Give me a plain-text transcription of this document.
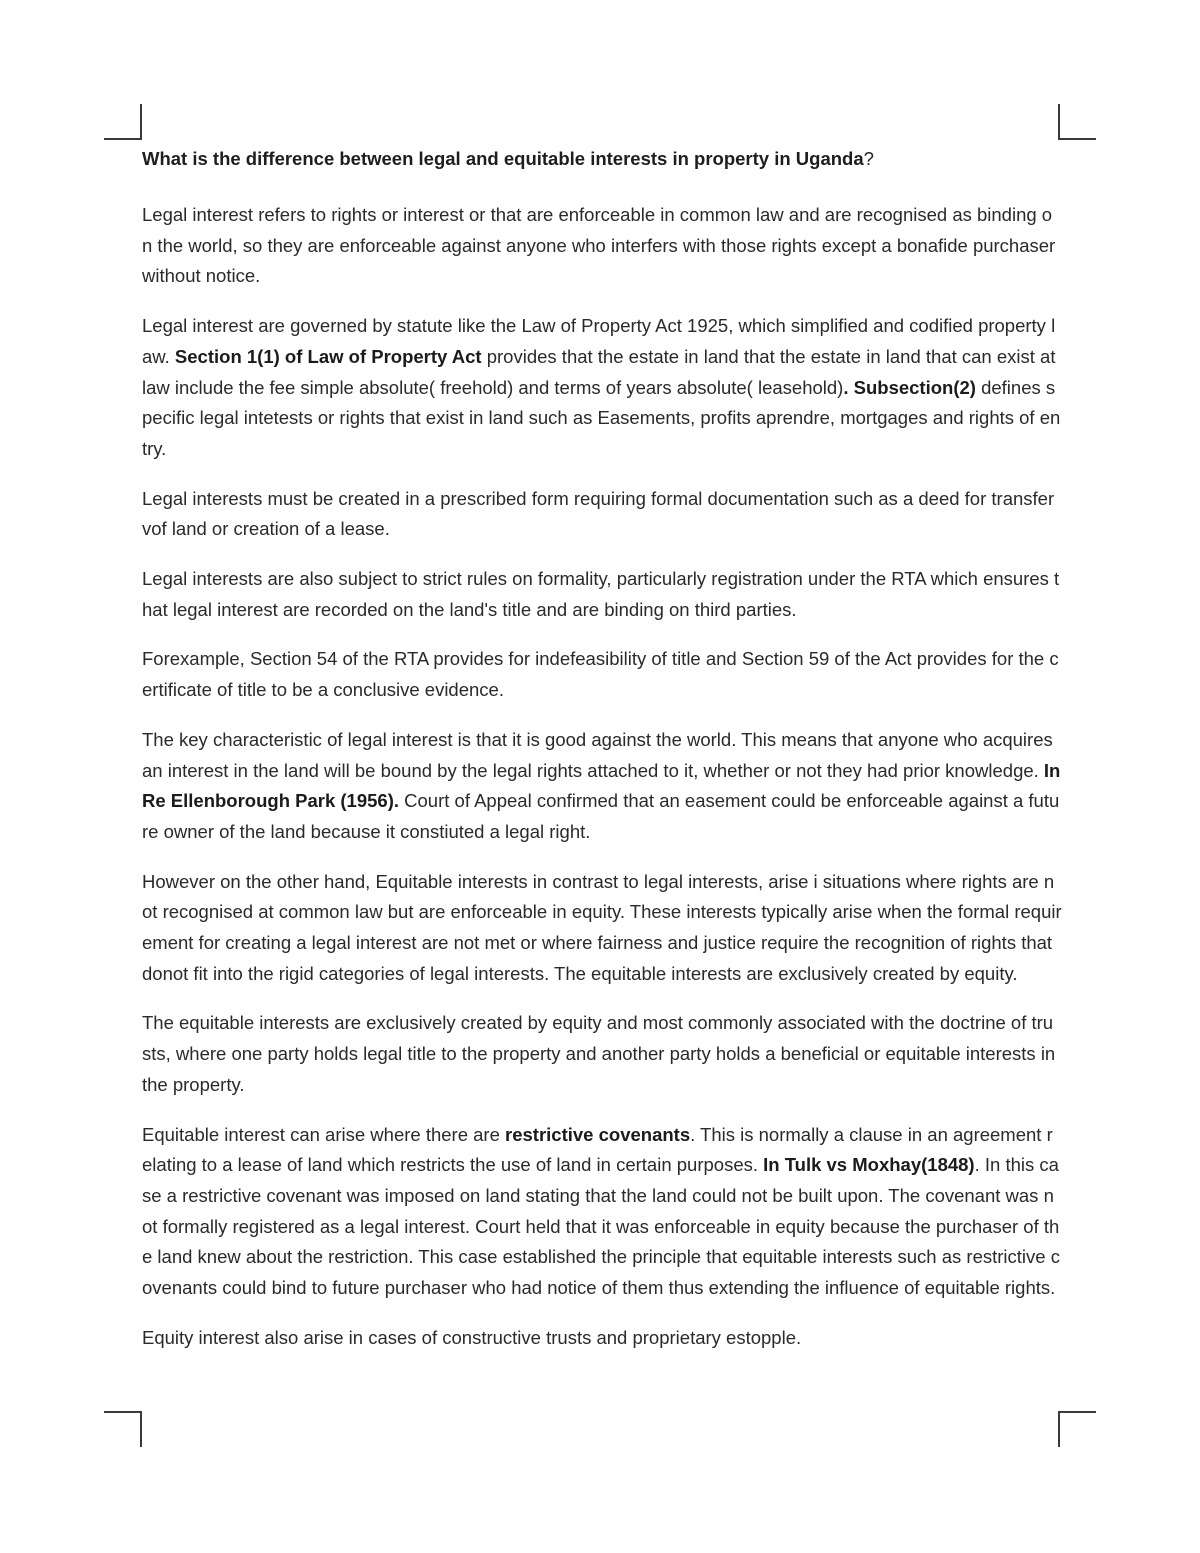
What is the difference between legal and equitable interests in property in Uganda?

Legal interest refers to rights or interest or that are enforceable in common law and are recognised as binding on the world, so they are enforceable against anyone who interfers with those rights except a bonafide purchaser without notice.

Legal interest are governed by statute like the Law of Property Act 1925, which simplified and codified property law. Section 1(1) of Law of Property Act provides that the estate in land that the estate in land that can exist at law include the fee simple absolute( freehold) and terms of years absolute( leasehold). Subsection(2) defines specific legal intetests or rights that exist in land such as Easements, profits aprendre, mortgages and rights of entry.

Legal interests must be created in a prescribed form requiring formal documentation such as a deed for transfervof land or creation of a lease.

Legal interests are also subject to strict rules on formality, particularly registration under the RTA which ensures that legal interest are recorded on the land's title and are binding on third parties.

Forexample, Section 54 of the RTA provides for indefeasibility of title and Section 59 of the Act provides for the certificate of title to be a conclusive evidence.

The key characteristic of legal interest is that it is good against the world. This means that anyone who acquires an interest in the land will be bound by the legal rights attached to it, whether or not they had prior knowledge. In Re Ellenborough Park (1956). Court of Appeal confirmed that an easement could be enforceable against a future owner of the land because it constiuted a legal right.

However on the other hand, Equitable interests in contrast to legal interests, arise i situations where rights are not recognised at common law but are enforceable in equity. These interests typically arise when the formal requirement for creating a legal interest are not met or where fairness and justice require the recognition of rights that donot fit into the rigid categories of legal interests. The equitable interests are exclusively created by equity.

The equitable interests are exclusively created by equity and most commonly associated with the doctrine of trusts, where one party holds legal title to the property and another party holds a beneficial or equitable interests in the property.

Equitable interest can arise where there are restrictive covenants. This is normally a clause in an agreement relating to a lease of land which restricts the use of land in certain purposes. In Tulk vs Moxhay(1848). In this case a restrictive covenant was imposed on land stating that the land could not be built upon. The covenant was not formally registered as a legal interest. Court held that it was enforceable in equity because the purchaser of the land knew about the restriction. This case established the principle that equitable interests such as restrictive covenants could bind to future purchaser who had notice of them thus extending the influence of equitable rights.

Equity interest also arise in cases of constructive trusts and proprietary estopple.
